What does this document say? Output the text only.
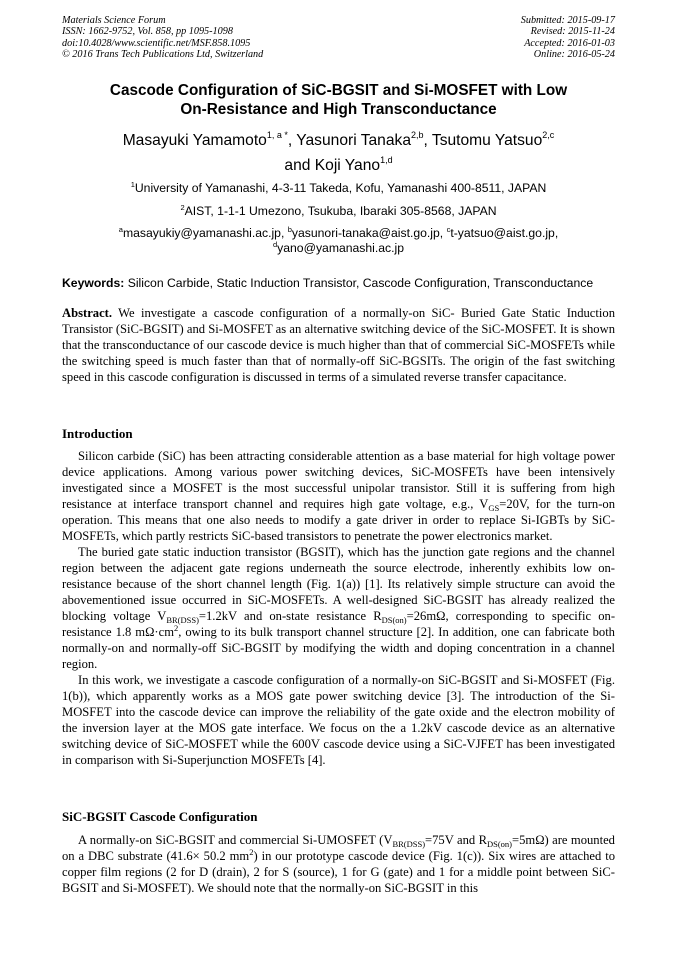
Materials Science Forum
ISSN: 1662-9752, Vol. 858, pp 1095-1098
doi:10.4028/www.scientific.net/MSF.858.1095
© 2016 Trans Tech Publications Ltd, Switzerland
Submitted: 2015-09-17
Revised: 2015-11-24
Accepted: 2016-01-03
Online: 2016-05-24
Cascode Configuration of SiC-BGSIT and Si-MOSFET with Low
On-Resistance and High Transconductance
Masayuki Yamamoto$^{1, a *}$, Yasunori Tanaka$^{2,b}$, Tsutomu Yatsuo$^{2,c}$
and Koji Yano$^{1,d}$
$^1$University of Yamanashi, 4-3-11 Takeda, Kofu, Yamanashi 400-8511, JAPAN
$^2$AIST, 1-1-1 Umezono, Tsukuba, Ibaraki 305-8568, JAPAN
$^a$masayukiy@yamanashi.ac.jp, $^b$yasunori-tanaka@aist.go.jp, $^c$t-yatsuo@aist.go.jp,
$^d$yano@yamanashi.ac.jp
Keywords: Silicon Carbide, Static Induction Transistor, Cascode Configuration, Transconductance
Abstract. We investigate a cascode configuration of a normally-on SiC- Buried Gate Static Induction Transistor (SiC-BGSIT) and Si-MOSFET as an alternative switching device of the SiC-MOSFET. It is shown that the transconductance of our cascode device is much higher than that of commercial SiC-MOSFETs while the switching speed is much faster than that of normally-off SiC-BGSITs. The origin of the fast switching speed in this cascode configuration is discussed in terms of a simulated reverse transfer capacitance.
Introduction

Silicon carbide (SiC) has been attracting considerable attention as a base material for high voltage power device applications. Among various power switching devices, SiC-MOSFETs have been intensively investigated since a MOSFET is the most successful unipolar transistor. Still it is suffering from high resistance at interface transport channel and requires high gate voltage, e.g., $V_{GS}=20V$, for the turn-on operation. This means that one also needs to modify a gate driver in order to replace Si-IGBTs by SiC-MOSFETs, which partly restricts SiC-based transistors to penetrate the power electronics market.

The buried gate static induction transistor (BGSIT), which has the junction gate regions and the channel region between the adjacent gate regions underneath the source electrode, inherently exhibits low on-resistance because of the short channel length (Fig. 1(a)) [1]. Its relatively simple structure can avoid the abovementioned issue occurred in SiC-MOSFETs. A well-designed SiC-BGSIT has already realized the blocking voltage $V_{BR(DSS)}=1.2kV$ and on-state resistance $R_{DS(on)}=26m\Omega$, corresponding to specific on-resistance 1.8 $m\Omega\cdot cm^2$, owing to its bulk transport channel structure [2]. In addition, one can fabricate both normally-on and normally-off SiC-BGSIT by modifying the width and doping concentration in a channel region.

In this work, we investigate a cascode configuration of a normally-on SiC-BGSIT and Si-MOSFET (Fig. 1(b)), which apparently works as a MOS gate power switching device [3]. The introduction of the Si-MOSFET into the cascode device can improve the reliability of the gate oxide and the electron mobility of the inversion layer at the MOS gate interface. We focus on the a 1.2kV cascode device as an alternative switching device of SiC-MOSFET while the 600V cascode device using a SiC-VJFET has been investigated in comparison with Si-Superjunction MOSFETs [4].

SiC-BGSIT Cascode Configuration

A normally-on SiC-BGSIT and commercial Si-UMOSFET ($V_{BR(DSS)}=75V$ and $R_{DS(on)}=5m\Omega$) are mounted on a DBC substrate (41.6× 50.2 $mm^2$) in our prototype cascode device (Fig. 1(c)). Six wires are attached to copper film regions (2 for D (drain), 2 for S (source), 1 for G (gate) and 1 for a middle point between SiC-BGSIT and Si-MOSFET). We should note that the normally-on SiC-BGSIT in this
